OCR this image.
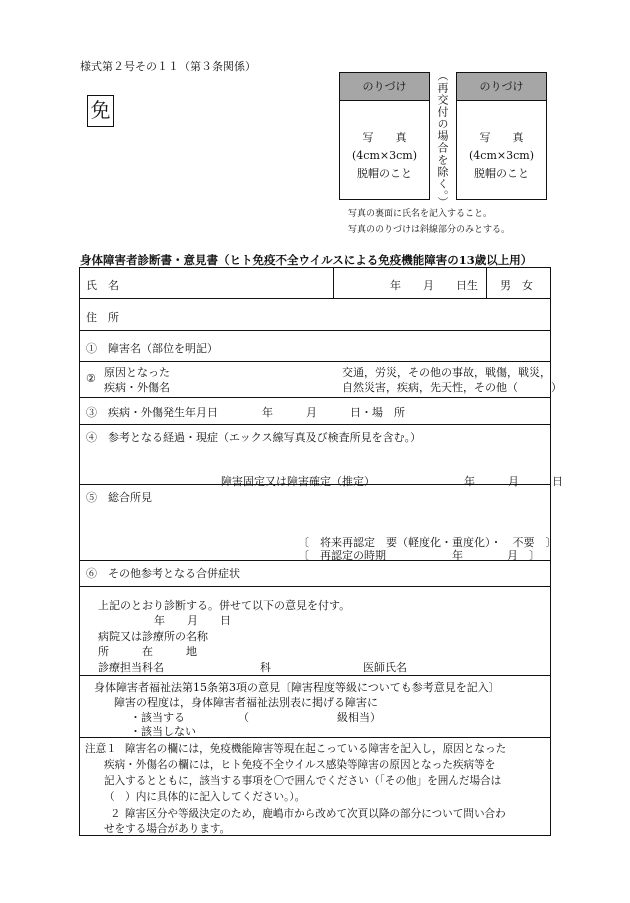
様式第２号その１１（第３条関係）
免
のりづけ
写　　真
(4cm×3cm)
脱帽のこと	（再交付の場合を除く。）	のりづけ
写　　真
(4cm×3cm)
脱帽のこと
写真の裏面に氏名を記入すること。
写真ののりづけは斜線部分のみとする。
身体障害者診断書・意見書（ヒト免疫不全ウイルスによる免疫機能障害の13歳以上用）
氏　名	年　　月　　日生 男　女
住　所
①　障害名（部位を明記）
② 原因となった
疾病・外傷名
交通，労災，その他の事故，戦傷，戦災，
自然災害，疾病，先天性，その他（　　　）
③　疾病・外傷発生年月日　　　　年　　　月　　　日・場　所
④　参考となる経過・現症（エックス線写真及び検査所見を含む。）
障害固定又は障害確定（推定）	年　　　月　　　日
⑤　総合所見
〔　将来再認定　要（軽度化・重度化）・　不要　〕
〔　再認定の時期　　　　　　年　　　　月　〕
⑥　その他参考となる合併症状
上記のとおり診断する。併せて以下の意見を付す。
年　　月　　日
病院又は診療所の名称
所　　　在　　　地
診療担当科名	科	医師氏名
身体障害者福祉法第15条第3項の意見〔障害程度等級についても参考意見を記入〕
障害の程度は，身体障害者福祉法別表に掲げる障害に
・該当する	（　　　　　　　　級相当）
・該当しない
注意１ 障害名の欄には，免疫機能障害等現在起こっている障害を記入し，原因となった
疾病・外傷名の欄には，ヒト免疫不全ウイルス感染等障害の原因となった疾病等を
記入するとともに，該当する事項を〇で囲んでください（「その他」を囲んだ場合は
（　）内に具体的に記入してください。）。
２ 障害区分や等級決定のため，鹿嶋市から改めて次頁以降の部分について問い合わ
せをする場合があります。
